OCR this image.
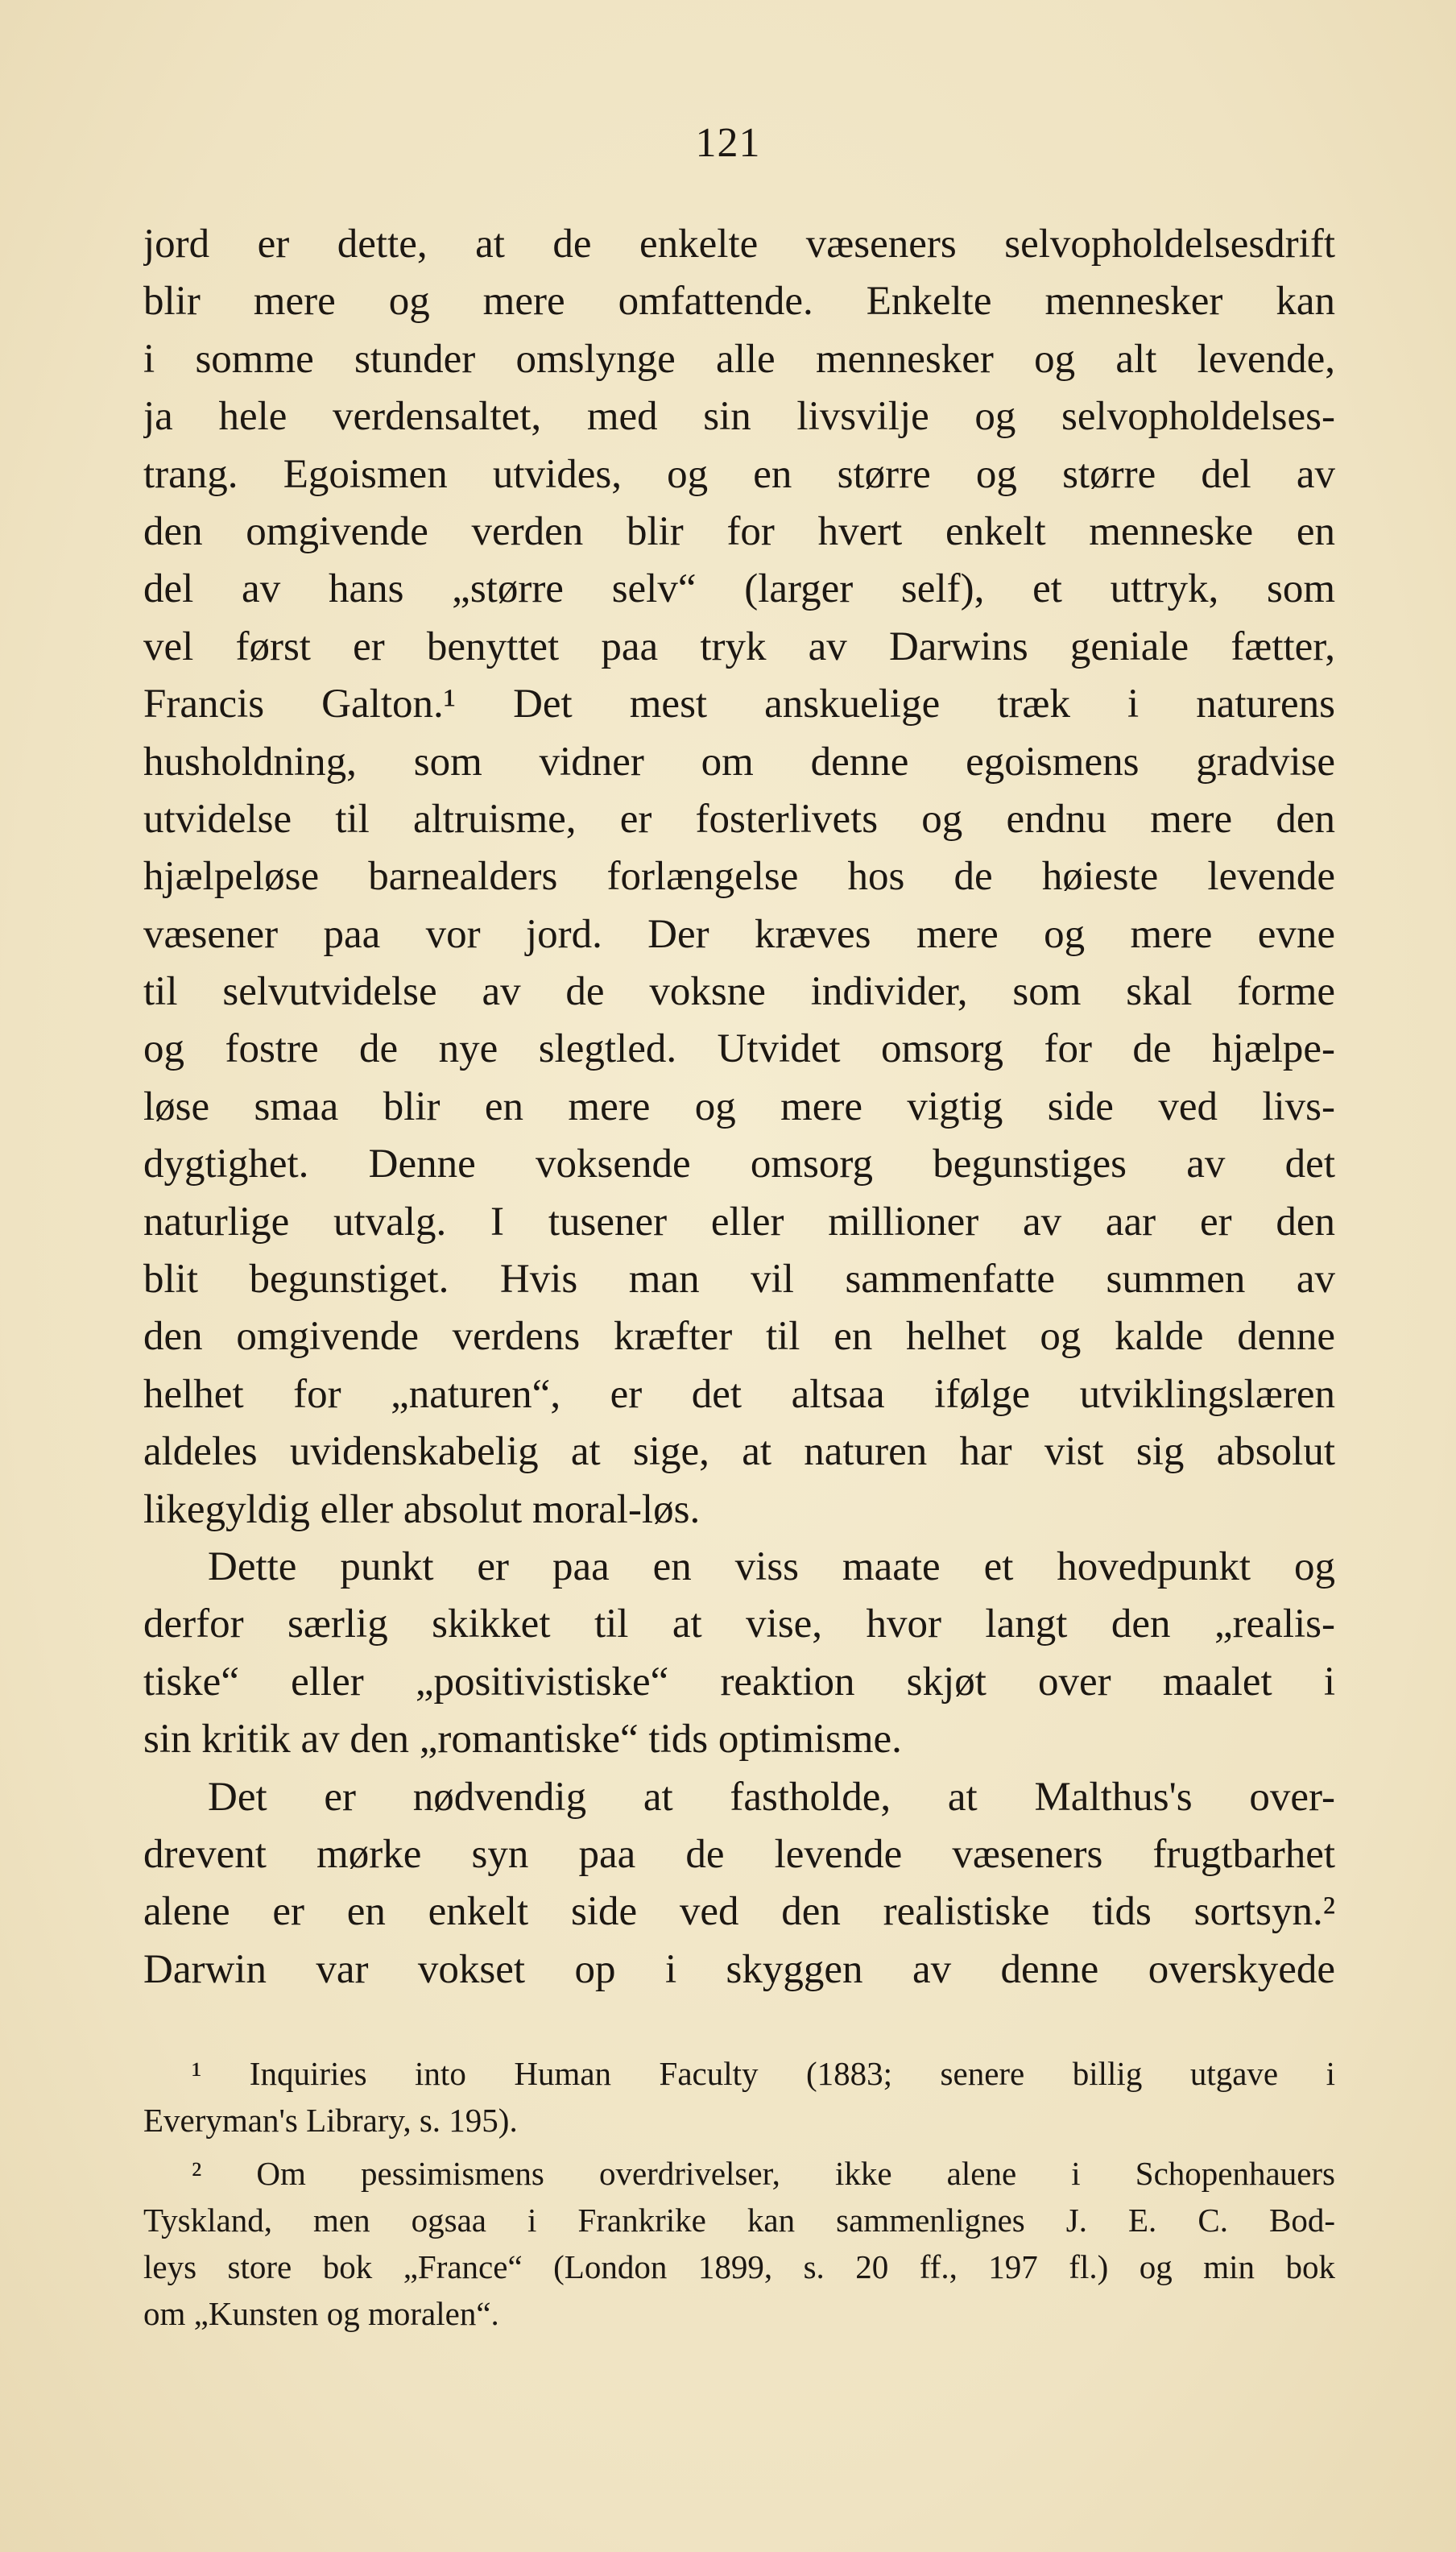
121
jord er dette, at de enkelte væseners selvopholdelsesdrift
blir mere og mere omfattende. Enkelte mennesker kan
i somme stunder omslynge alle mennesker og alt levende,
ja hele verdensaltet, med sin livsvilje og selvopholdelses-
trang. Egoismen utvides, og en større og større del av
den omgivende verden blir for hvert enkelt menneske en
del av hans „større selv“ (larger self), et uttryk, som
vel først er benyttet paa tryk av Darwins geniale fætter,
Francis Galton.¹ Det mest anskuelige træk i naturens
husholdning, som vidner om denne egoismens gradvise
utvidelse til altruisme, er fosterlivets og endnu mere den
hjælpeløse barnealders forlængelse hos de høieste levende
væsener paa vor jord. Der kræves mere og mere evne
til selvutvidelse av de voksne individer, som skal forme
og fostre de nye slegtled. Utvidet omsorg for de hjælpe-
løse smaa blir en mere og mere vigtig side ved livs-
dygtighet. Denne voksende omsorg begunstiges av det
naturlige utvalg. I tusener eller millioner av aar er den
blit begunstiget. Hvis man vil sammenfatte summen av
den omgivende verdens kræfter til en helhet og kalde denne
helhet for „naturen“, er det altsaa ifølge utviklingslæren
aldeles uvidenskabelig at sige, at naturen har vist sig absolut
likegyldig eller absolut moral-løs.
Dette punkt er paa en viss maate et hovedpunkt og
derfor særlig skikket til at vise, hvor langt den „realis-
tiske“ eller „positivistiske“ reaktion skjøt over maalet i
sin kritik av den „romantiske“ tids optimisme.
Det er nødvendig at fastholde, at Malthus's over-
drevent mørke syn paa de levende væseners frugtbarhet
alene er en enkelt side ved den realistiske tids sortsyn.²
Darwin var vokset op i skyggen av denne overskyede
¹ Inquiries into Human Faculty (1883; senere billig utgave i
Everyman's Library, s. 195).
² Om pessimismens overdrivelser, ikke alene i Schopenhauers
Tyskland, men ogsaa i Frankrike kan sammenlignes J. E. C. Bod-
leys store bok „France“ (London 1899, s. 20 ff., 197 fl.) og min bok
om „Kunsten og moralen“.
